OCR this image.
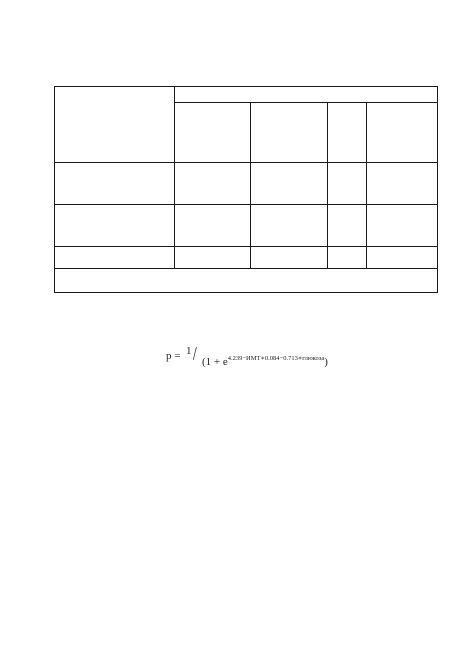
$p = 1 / (1 + e^{4.239-ИМТ∗0.084-0.713∗глюкоза})$
